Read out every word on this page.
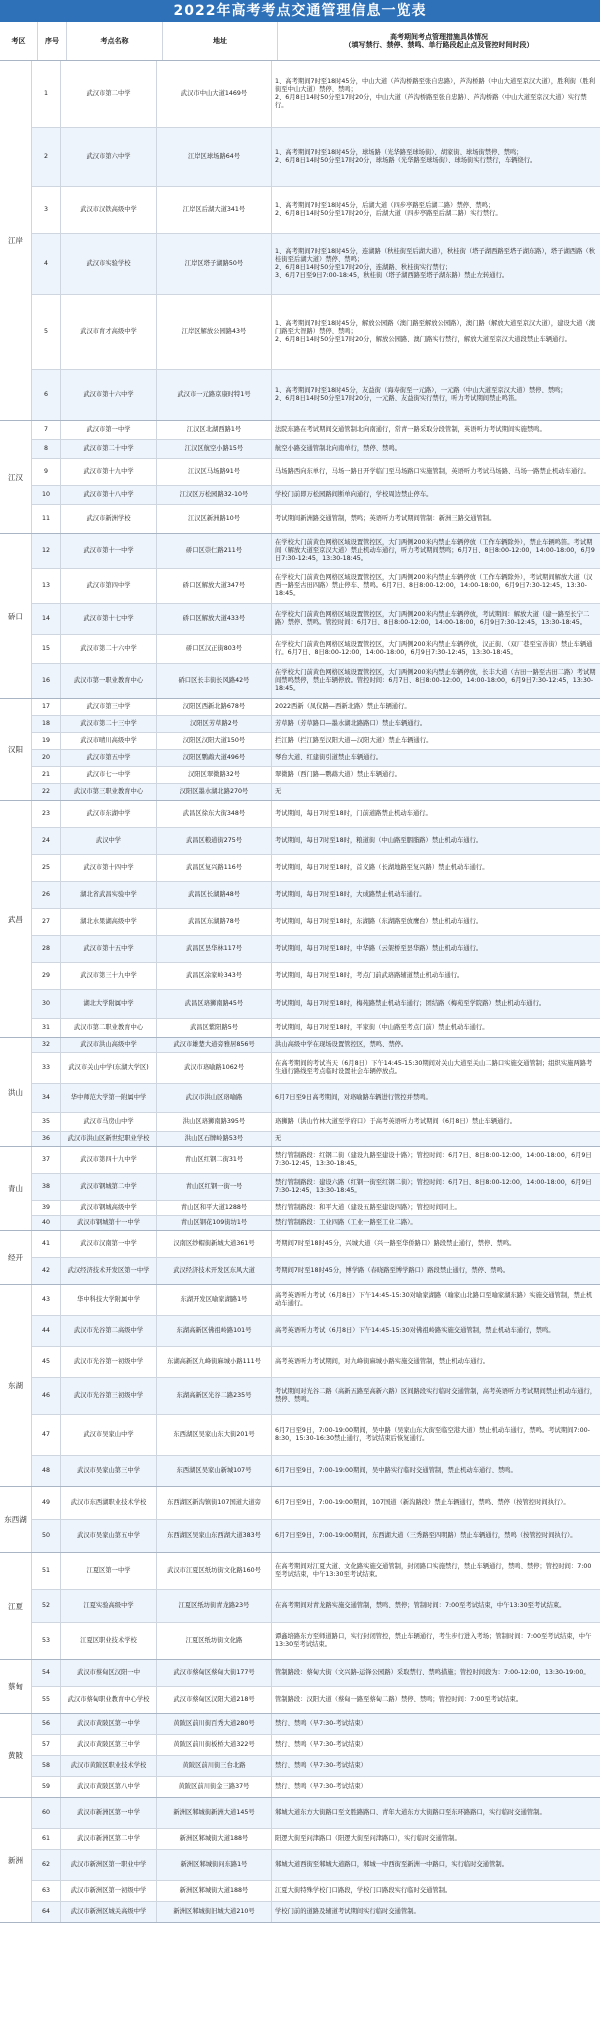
2022年高考考点交通管理信息一览表
考区	序号	考点名称	地址	高考期间考点管理措施具体情况
（填写禁行、禁停、禁鸣、单行路段起止点及管控时间时段）
江岸
1	武汉市第二中学	武汉市中山大道1469号
1、高考期间7时至18时45分，中山大道（芦沟桥路至张自忠路），芦沟桥路（中山大道至京汉大道），胜利街（胜利街至中山大道）禁停、禁鸣；
2、6月8日14时50分至17时20分，中山大道（芦沟桥路至张自忠路）、芦沟桥路（中山大道至京汉大道）实行禁行。
2	武汉市第六中学	江岸区球场路64号
1、高考期间7时至18时45分，球场路（光华路至球场街）、胡家街、球场街禁停、禁鸣；
2、6月8日14时50分至17时20分，球场路（光华路至球场街）、球场街实行禁行，车辆绕行。
3	武汉市汉铁高级中学	江岸区后湖大道341号
1、高考期间7时至18时45分，后湖大道（四步亭路至后湖二路）禁停、禁鸣；
2、6月8日14时50分至17时20分，后湖大道（四步亭路至后湖二路）实行禁行。
4	武汉市实验学校	江岸区塔子湖路50号
1、高考期间7时至18时45分，连湖路（秋桂街至后湖大道），秋桂街（塔子湖西路至塔子湖东路），塔子湖西路（秋桂街至后湖大道）禁停、禁鸣；
2、6月8日14时50分至17时20分，连湖路、秋桂街实行禁行；
3、6月7日至9日7:00-18:45，秋桂街（塔子湖西路至塔子湖东路）禁止左转通行。
5	武汉市育才高级中学	江岸区解放公园路43号
1、高考期间7时至18时45分，解放公园路（澳门路至解放公园路），澳门路（解放大道至京汉大道），建设大道（澳门路至大智路）禁停、禁鸣；
2、6月8日14时50分至17时20分，解放公园路、澳门路实行禁行，解放大道至京汉大道段禁止车辆通行。
6	武汉市第十六中学	武汉市一元路京康时特1号
1、高考期间7时至18时45分，友益街（海寿街至一元路），一元路（中山大道至京汉大道）禁停、禁鸣；
2、6月8日14时50分至17时20分，一元路、友益街实行禁行，听力考试期间禁止鸣笛。
江汉
7	武汉市第一中学	江汉区北湖西路1号	法院东路在考试期间交通管制北向南通行，常青一路采取分段管制，英语听力考试期间实施禁鸣。
8	武汉市第二十中学	江汉区航空小路15号	航空小路交通管制北向南单行，禁停、禁鸣。
9	武汉市第十九中学	江汉区马场路91号	马场路西向东单行，马场一路日开学临门至马场路口实施管制，英语听力考试马场路、马场一路禁止机动车通行。
10	武汉市第十八中学	江汉区万松园路32-10号	学校门前即万松园路间断单向通行，学校周边禁止停车。
11	武汉市新洲学校	江汉区新洲路10号	考试期间新洲路交通管制，禁鸣；英语听力考试期间管制：新洲三路交通管制。
硚口
12	武汉市第十一中学	硚口区崇仁路211号
在学校大门前黄色网格区域设置管控区，大门两侧200米内禁止车辆停放（工作车辆除外），禁止车辆鸣笛。考试期间（解放大道至京汉大道）禁止机动车通行，听力考试期间禁鸣；6月7日、8日8:00-12:00，14:00-18:00，6月9日7:30-12:45，13:30-18:45。
13	武汉市第四中学	硚口区解放大道347号
在学校大门前黄色网格区域设置管控区，大门两侧200米内禁止车辆停放（工作车辆除外），考试期间解放大道（汉西一路至古田四路）禁止停车、禁鸣。6月7日、8日8:00-12:00，14:00-18:00，6月9日7:30-12:45，13:30-18:45。
14	武汉市第十七中学	硚口区解放大道433号
在学校大门前黄色网格区域设置管控区，大门两侧200米内禁止车辆停放，考试期间：解放大道（建一路至长宁二路）禁停、禁鸣。管控时间：6月7日、8日8:00-12:00，14:00-18:00，6月9日7:30-12:45，13:30-18:45。
15	武汉市第二十六中学	硚口区汉正街803号
在学校大门前黄色网格区域设置管控区，大门两侧200米内禁止车辆停放，汉正街、（双厂巷至宝善街）禁止车辆通行。6月7日、8日8:00-12:00，14:00-18:00，6月9日7:30-12:45，13:30-18:45。
16	武汉市第一职业教育中心	硚口区长丰街长风路42号
在学校大门前黄色网格区域设置管控区，大门两侧200米内禁止车辆停放，长丰大道（古田一路至古田二路）考试期间禁鸣禁停，禁止车辆停放。管控时间：6月7日、8日8:00-12:00，14:00-18:00，6月9日7:30-12:45，13:30-18:45。
汉阳
17	武汉市第三中学	汉阳区西新北路678号	2022西新（凤仪路—西新北路）禁止车辆通行。
18	武汉市第二十三中学	汉阳区芳草路2号	芳草路（芳草路口—墨水湖北路路口）禁止车辆通行。
19	武汉市晴川高级中学	汉阳区汉阳大道150号	拦江路（拦江路至汉阳大道—汉阳大道）禁止车辆通行。
20	武汉市第五中学	汉阳区鹦鹉大道496号	琴台大道、红建街引道禁止车辆通行。
21	武汉市七一中学	汉阳区翠微路32号	翠微路（西门路—鹦鹉大道）禁止车辆通行。
22	武汉市第三职业教育中心	汉阳区墨水湖北路270号	无
武昌
23	武汉市东湖中学	武昌区徐东大街348号	考试期间，每日7时至18时，门前道路禁止机动车通行。
24	武汉中学	武昌区粮道街275号	考试期间，每日7时至18时，粮道街（中山路至胭脂路）禁止机动车通行。
25	武汉市第十四中学	武昌区复兴路116号	考试期间，每日7时至18时，首义路（长湖地路至复兴路）禁止机动车通行。
26	湖北省武昌实验中学	武昌区长湖路48号	考试期间，每日7时至18时，大成路禁止机动车通行。
27	湖北水果湖高级中学	武昌区东湖路78号	考试期间，每日7时至18时，东湖路（东湖路至放鹰台）禁止机动车通行。
28	武汉市第十五中学	武昌区昙华林117号	考试期间，每日7时至18时，中华路（云架桥至昙华路）禁止机动车通行。
29	武汉市第三十九中学	武昌区涂家岭343号	考试期间，每日7时至18时，考点门前武珞路辅道禁止机动车通行。
30	湖北大学附属中学	武昌区珞狮南路45号	考试期间，每日7时至18时，梅苑路禁止机动车通行；团结路（梅苑至学院路）禁止机动车通行。
31	武汉市第二职业教育中心	武昌区紫阳路5号	考试期间，每日7时至18时，平家街（中山路至考点门前）禁止机动车通行。
洪山
32	武汉市洪山高级中学	武汉市雄楚大道旁雅居856号	洪山高级中学在现场设置管控区，禁鸣、禁停。
33	武汉市关山中学(东湖大学区)	武汉市珞喻路1062号
在高考期间的考试当天（6月8日）下午14:45-15:30期间对关山大道至关山二路口实施交通管制；组织实施两路考生通行路线至考点临时设置社会车辆停放点。
34	华中师范大学第一附属中学	武汉市洪山区珞喻路	6月7日至9日高考期间，对珞喻路车辆进行管控并禁鸣。
35	武汉市马房山中学	洪山区珞狮南路395号	珞狮路（洪山竹林大道至学府口）于高考英语听力考试期间（6月8日）禁止车辆通行。
36	武汉市洪山区新世纪职业学校	洪山区石牌岭路53号	无
青山
37	武汉市第四十九中学	青山区红钢二街31号
禁行管制路段：红钢二街（建设九路至建设十路）；管控时间：6月7日、8日8:00-12:00，14:00-18:00，6月9日7:30-12:45，13:30-18:45。
38	武汉市钢城第二中学	青山区红钢一街一号
禁行管制路段：建设六路（红钢一街至红钢二街）；管控时间：6月7日、8日8:00-12:00，14:00-18:00，6月9日7:30-12:45，13:30-18:45。
39	武汉市钢城高级中学	青山区和平大道1288号	禁行管制路段：和平大道（建设五路至建设四路）；管控时间同上。
40	武汉市钢城第十一中学	青山区钢花109街坊1号	禁行管制路段：工业四路（工业一路至工业二路）。
经开
41	武汉市汉南第一中学	汉南区纱帽街新城大道361号	考期间7时至18时45分，兴城大道（兴一路至华侨路口）路段禁止通行，禁停、禁鸣。
42	武汉经济技术开发区第一中学	武汉经济技术开发区东风大道	考期间7时至18时45分，博学路（春晓路至博学路口）路段禁止通行，禁停、禁鸣。
东湖
43	华中科技大学附属中学	东湖开发区喻家湖路1号
高考英语听力考试（6月8日）下午14:45-15:30对喻家湖路（喻家山北路口至喻家湖东路）实施交通管制，禁止机动车通行。
44	武汉市光谷第二高级中学	东湖高新区佛祖岭路101号	高考英语听力考试（6月8日）下午14:45-15:30对佛祖岭路实施交通管制，禁止机动车通行，禁鸣。
45	武汉市光谷第一初级中学	东湖高新区九峰街麻城小路111号	高考英语听力考试期间，对九峰街麻城小路实施交通管制，禁止机动车通行。
46	武汉市光谷第三初级中学	东湖高新区光谷二路235号
考试期间对光谷二路（高新五路至高新六路）区间路段实行临时交通管制，高考英语听力考试期间禁止机动车通行，禁停、禁鸣。
47	武汉市吴家山中学	东西湖区吴家山东大街201号
6月7日至9日，7:00-19:00期间，吴中路（吴家山东大街至临空港大道）禁止机动车通行，禁鸣。考试期间7:00-8:30，15:30-16:30禁止通行，考试结束后恢复通行。
48	武汉市吴家山第三中学	东西湖区吴家山新城107号	6月7日至9日，7:00-19:00期间，吴中路实行临时交通管制，禁止机动车通行、禁鸣。
东西湖
49	武汉市东西湖职业技术学校	东西湖区新沟镇街107国道大道旁	6月7日至9日，7:00-19:00期间，107国道（新沟路段）禁止车辆通行，禁鸣、禁停（按管控时间执行）。
50	武汉市吴家山第五中学	东西湖区吴家山东西湖大道383号	6月7日至9日，7:00-19:00期间，东西湖大道（三秀路至四明路）禁止车辆通行，禁鸣（按管控时间执行）。
江夏
51	江夏区第一中学	武汉市江夏区纸坊街文化路160号
在高考期间对江夏大道、文化路实施交通管制，封闭路口实施禁行，禁止车辆通行，禁鸣、禁停；管控时间：7:00至考试结束，中午13:30至考试结束。
52	江夏实验高级中学	江夏区纸坊街青龙路23号	在高考期间对青龙路实施交通管制，禁鸣、禁停；管制时间：7:00至考试结束，中午13:30至考试结束。
53	江夏区职业技术学校	江夏区纸坊街文化路
谭鑫培路东方至师道路口，实行封闭管控，禁止车辆通行，考生步行进入考场；管制时间：7:00至考试结束，中午13:30至考试结束。
蔡甸
54	武汉市蔡甸区汉阳一中	武汉市蔡甸区蔡甸大街177号	管制路段：蔡甸大街（文兴路-运锋公园路）采取禁行、禁鸣措施；管控时间段为：7:00-12:00，13:30-19:00。
55	武汉市蔡甸职业教育中心学校	武汉市蔡甸区汉阳大道218号	管制路段：汉阳大道（蔡甸一路至蔡甸二路）禁停、禁鸣；管控时间：7:00至考试结束。
黄陂
56	武汉市黄陂区第一中学	黄陂区前川街百秀大道280号	禁行、禁鸣（早7:30-考试结束）
57	武汉市黄陂区第三中学	黄陂区前川街板桥大道322号	禁行、禁鸣（早7:30-考试结束）
58	武汉市黄陂区职业技术学校	黄陂区前川街三台北路	禁行、禁鸣（早7:30-考试结束）
59	武汉市黄陂区第八中学	黄陂区前川街金三路37号	禁行、禁鸣（早7:30-考试结束）
新洲
60	武汉市新洲区第一中学	新洲区邾城街新洲大道145号	邾城大道东方大街路口至文胜路路口、青年大道东方大街路口至东环路路口，实行临时交通管制。
61	武汉市新洲区第二中学	新洲区邾城街大道188号	阳逻大街至问津路口（阳逻大街至问津路口），实行临时交通管制。
62	武汉市新洲区第一职业中学	新洲区邾城街问东路1号	邾城大道西街至邾城大道路口，邾城一中西街至新洲一中路口，实行临时交通管制。
63	武汉市新洲区第一初级中学	新洲区邾城街大道188号	江夏大街特殊学校门口路段，学校门口路段实行临时交通管制。
64	武汉市新洲区城关高级中学	新洲区邾城街旧城大道210号	学校门前的道路及辅道考试期间实行临时交通管制。
